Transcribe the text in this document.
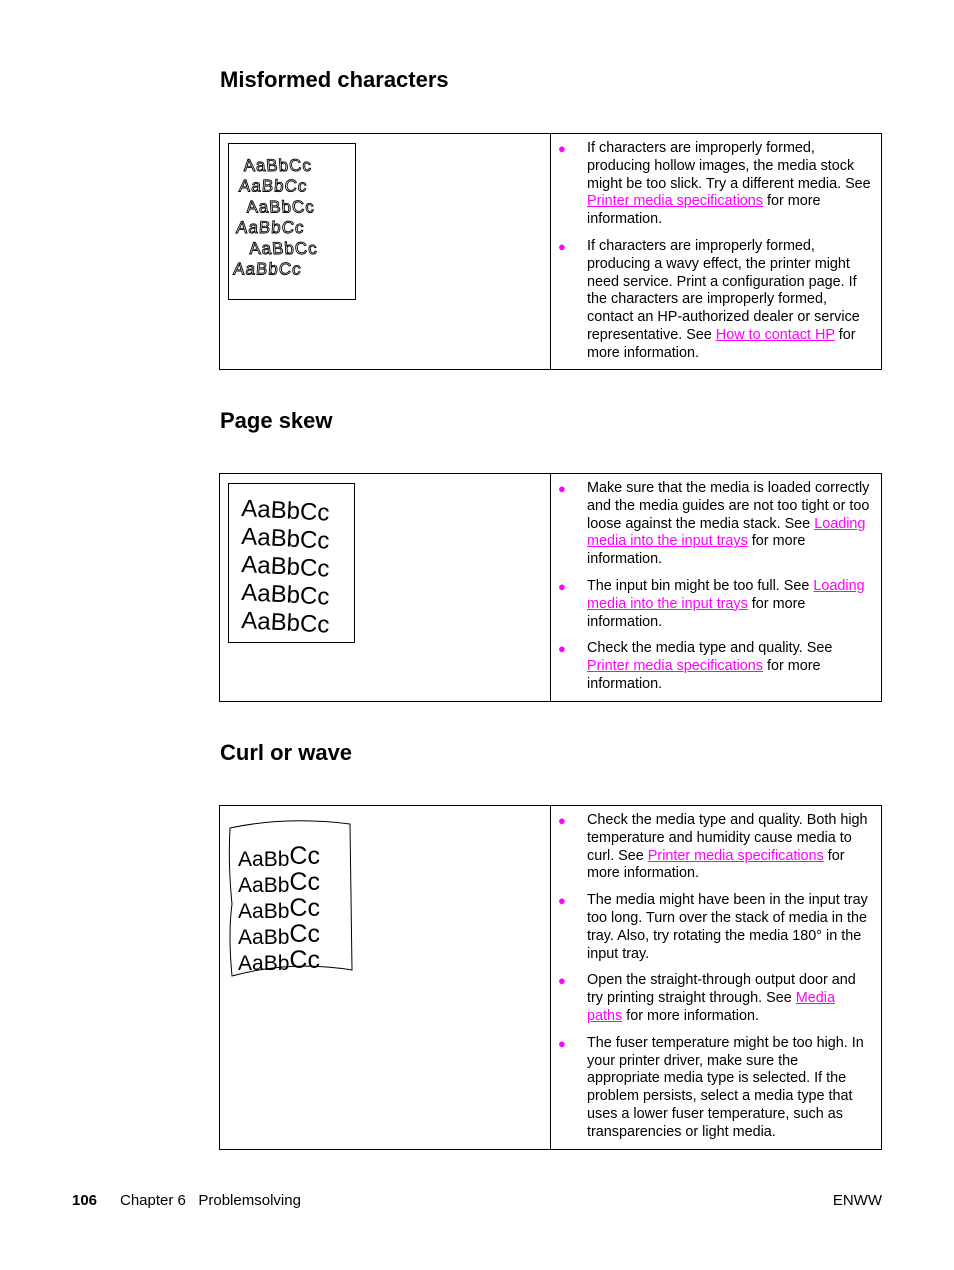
Misformed characters
AaBbCc
AaBbCc
AaBbCc
AaBbCc
AaBbCc
AaBbCc
● If characters are improperly formed, producing hollow images, the media stock might be too slick. Try a different media. See Printer media specifications for more information.
● If characters are improperly formed, producing a wavy effect, the printer might need service. Print a configuration page. If the characters are improperly formed, contact an HP-authorized dealer or service representative. See How to contact HP for more information.
Page skew
AaBbCc
AaBbCc
AaBbCc
AaBbCc
AaBbCc
● Make sure that the media is loaded correctly and the media guides are not too tight or too loose against the media stack. See Loading media into the input trays for more information.
● The input bin might be too full. See Loading media into the input trays for more information.
● Check the media type and quality. See Printer media specifications for more information.
Curl or wave
AaBbCc
AaBbCc
AaBbCc
AaBbCc
AaBbCc
● Check the media type and quality. Both high temperature and humidity cause media to curl. See Printer media specifications for more information.
● The media might have been in the input tray too long. Turn over the stack of media in the tray. Also, try rotating the media 180° in the input tray.
● Open the straight-through output door and try printing straight through. See Media paths for more information.
● The fuser temperature might be too high. In your printer driver, make sure the appropriate media type is selected. If the problem persists, select a media type that uses a lower fuser temperature, such as transparencies or light media.
106 Chapter 6   Problemsolving	ENWW
